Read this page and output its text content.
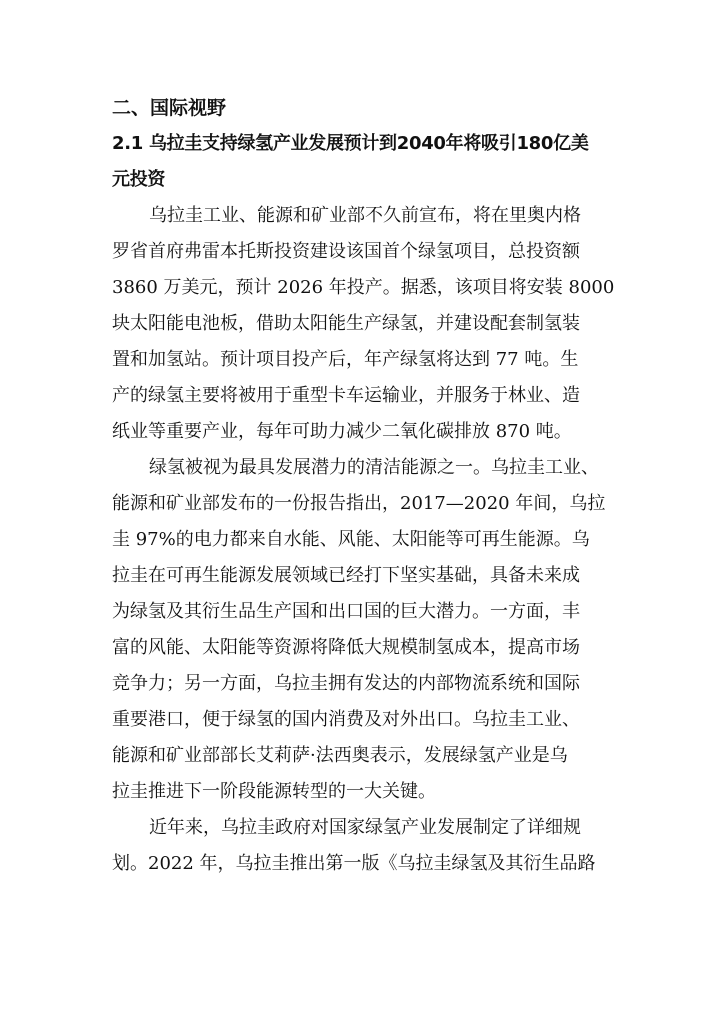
二、国际视野
2.1 乌拉圭支持绿氢产业发展预计到2040年将吸引180亿美
元投资

乌拉圭工业、能源和矿业部不久前宣布，将在里奥内格
罗省首府弗雷本托斯投资建设该国首个绿氢项目，总投资额
3860 万美元，预计 2026 年投产。据悉，该项目将安装 8000
块太阳能电池板，借助太阳能生产绿氢，并建设配套制氢装
置和加氢站。预计项目投产后，年产绿氢将达到 77 吨。生
产的绿氢主要将被用于重型卡车运输业，并服务于林业、造
纸业等重要产业，每年可助力减少二氧化碳排放 870 吨。

绿氢被视为最具发展潜力的清洁能源之一。乌拉圭工业、
能源和矿业部发布的一份报告指出，2017—2020 年间，乌拉
圭 97%的电力都来自水能、风能、太阳能等可再生能源。乌
拉圭在可再生能源发展领域已经打下坚实基础，具备未来成
为绿氢及其衍生品生产国和出口国的巨大潜力。一方面，丰
富的风能、太阳能等资源将降低大规模制氢成本，提高市场
竞争力；另一方面，乌拉圭拥有发达的内部物流系统和国际
重要港口，便于绿氢的国内消费及对外出口。乌拉圭工业、
能源和矿业部部长艾莉萨·法西奥表示，发展绿氢产业是乌
拉圭推进下一阶段能源转型的一大关键。

近年来，乌拉圭政府对国家绿氢产业发展制定了详细规
划。2022 年，乌拉圭推出第一版《乌拉圭绿氢及其衍生品路
